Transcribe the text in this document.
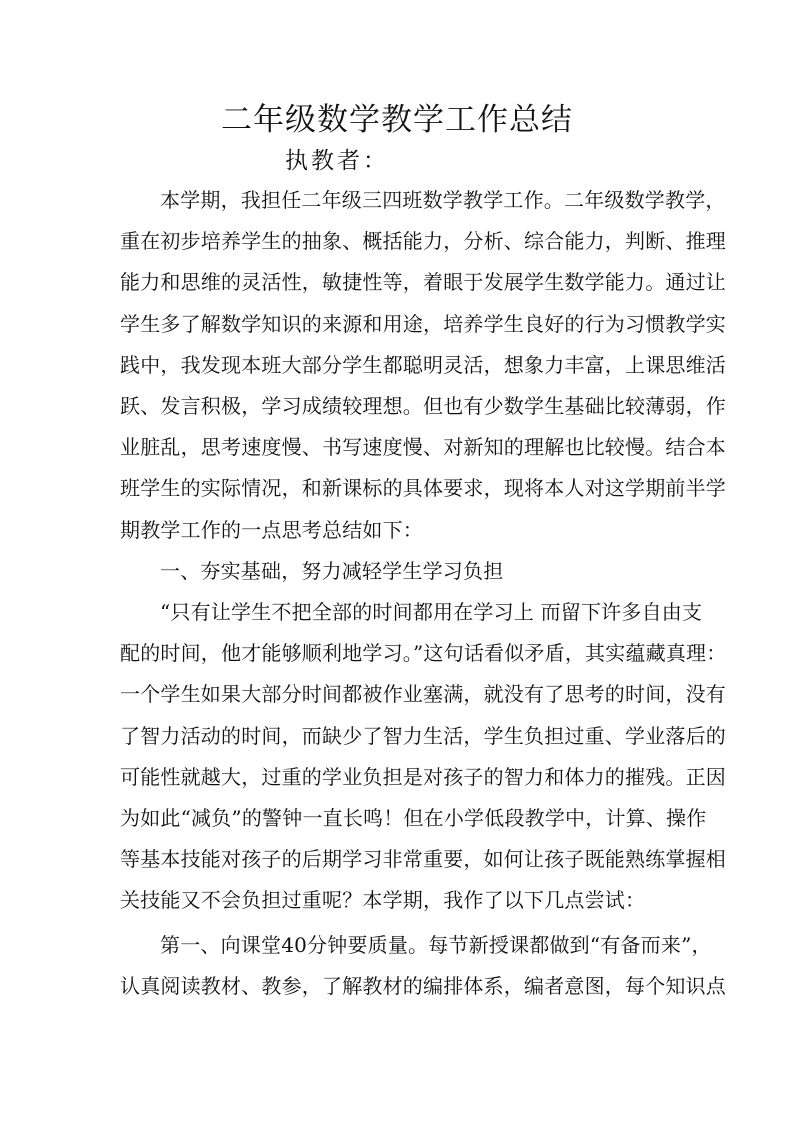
二年级数学教学工作总结
执教者：

本学期，我担任二年级三四班数学教学工作。二年级数学教学，

重在初步培养学生的抽象、概括能力，分析、综合能力，判断、推理

能力和思维的灵活性，敏捷性等，着眼于发展学生数学能力。通过让

学生多了解数学知识的来源和用途，培养学生良好的行为习惯教学实

践中，我发现本班大部分学生都聪明灵活，想象力丰富，上课思维活

跃、发言积极，学习成绩较理想。但也有少数学生基础比较薄弱，作

业脏乱，思考速度慢、书写速度慢、对新知的理解也比较慢。结合本

班学生的实际情况，和新课标的具体要求，现将本人对这学期前半学

期教学工作的一点思考总结如下：

一、夯实基础，努力减轻学生学习负担

“只有让学生不把全部的时间都用在学习上 而留下许多自由支

配的时间，他才能够顺利地学习。”这句话看似矛盾，其实蕴藏真理：

一个学生如果大部分时间都被作业塞满，就没有了思考的时间，没有

了智力活动的时间，而缺少了智力生活，学生负担过重、学业落后的

可能性就越大，过重的学业负担是对孩子的智力和体力的摧残。正因

为如此“减负”的警钟一直长鸣！但在小学低段教学中，计算、操作

等基本技能对孩子的后期学习非常重要，如何让孩子既能熟练掌握相

关技能又不会负担过重呢？本学期，我作了以下几点尝试：

第一、向课堂40分钟要质量。每节新授课都做到“有备而来”，

认真阅读教材、教参，了解教材的编排体系，编者意图，每个知识点
